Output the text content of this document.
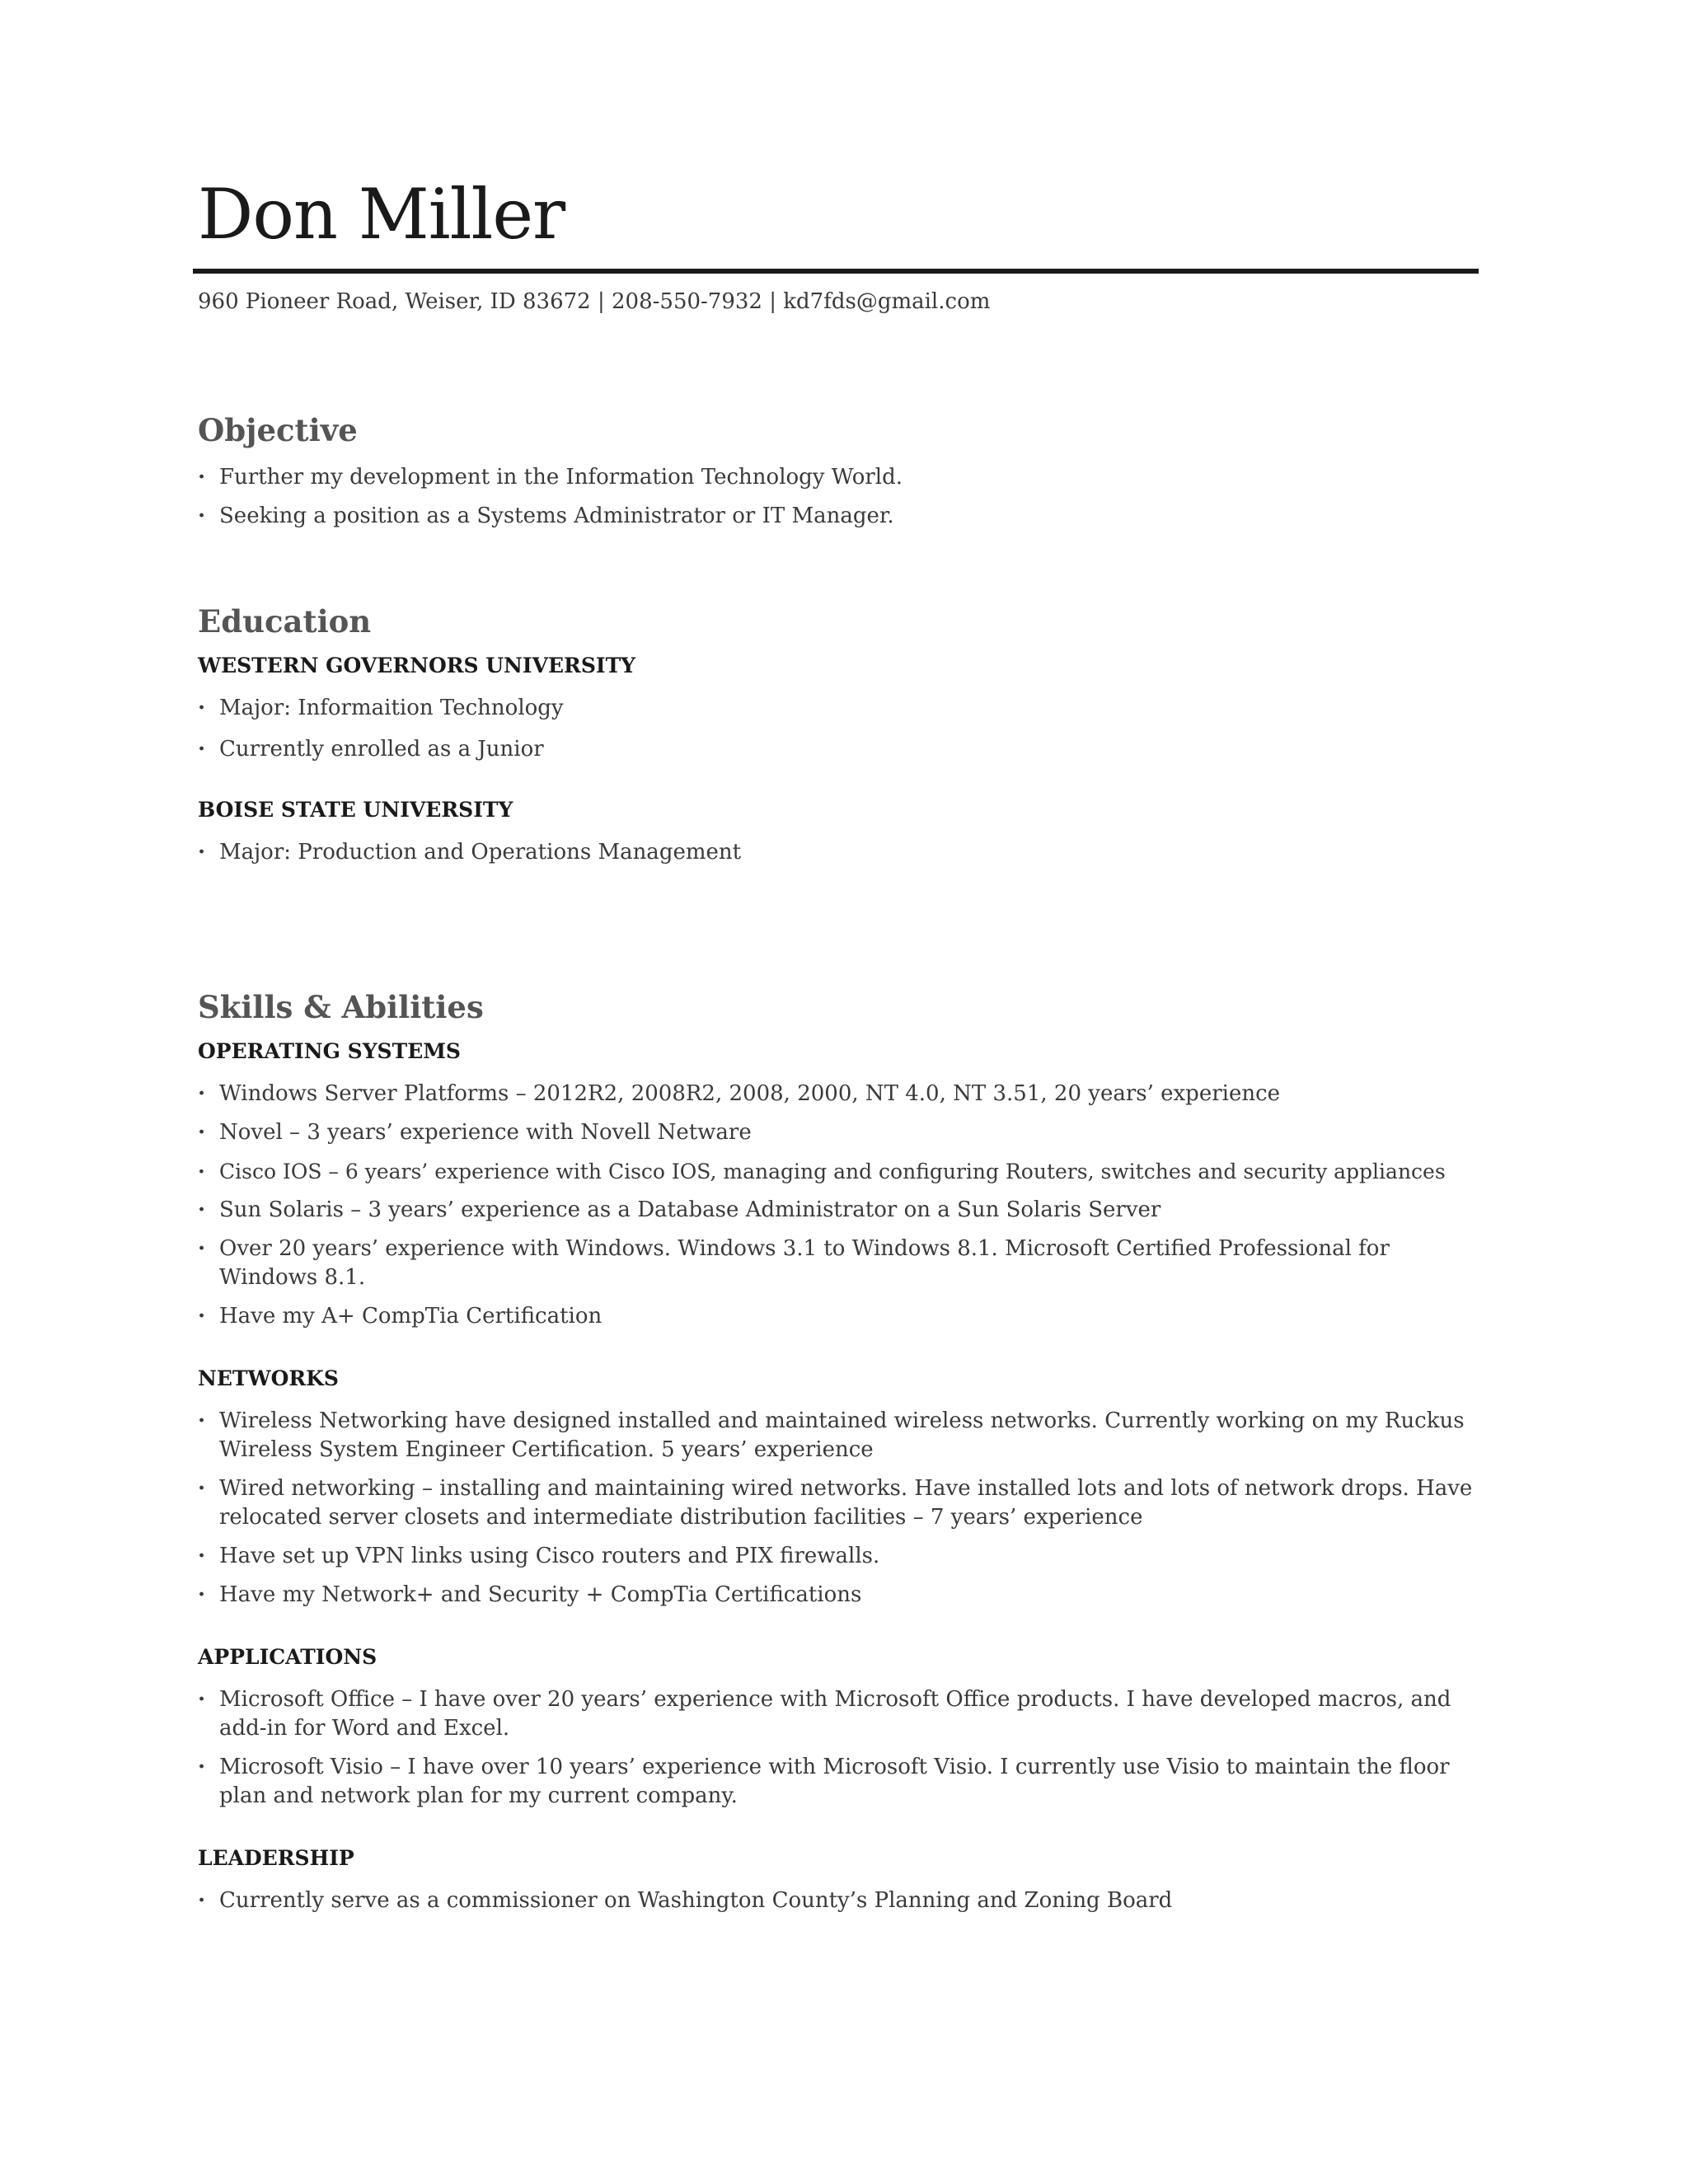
Don Miller
960 Pioneer Road, Weiser, ID 83672 | 208-550-7932 | kd7fds@gmail.com
Objective
· Further my development in the Information Technology World.
· Seeking a position as a Systems Administrator or IT Manager.
Education
WESTERN GOVERNORS UNIVERSITY
· Major: Informaition Technology
· Currently enrolled as a Junior
BOISE STATE UNIVERSITY
· Major: Production and Operations Management
Skills & Abilities
OPERATING SYSTEMS
· Windows Server Platforms – 2012R2, 2008R2, 2008, 2000, NT 4.0, NT 3.51, 20 years’ experience
· Novel – 3 years’ experience with Novell Netware
· Cisco IOS – 6 years’ experience with Cisco IOS, managing and configuring Routers, switches and security appliances
· Sun Solaris – 3 years’ experience as a Database Administrator on a Sun Solaris Server
· Over 20 years’ experience with Windows. Windows 3.1 to Windows 8.1. Microsoft Certified Professional for Windows 8.1.
· Have my A+ CompTia Certification
NETWORKS
· Wireless Networking have designed installed and maintained wireless networks. Currently working on my Ruckus Wireless System Engineer Certification. 5 years’ experience
· Wired networking – installing and maintaining wired networks. Have installed lots and lots of network drops. Have relocated server closets and intermediate distribution facilities – 7 years’ experience
· Have set up VPN links using Cisco routers and PIX firewalls.
· Have my Network+ and Security + CompTia Certifications
APPLICATIONS
· Microsoft Office – I have over 20 years’ experience with Microsoft Office products. I have developed macros, and add-in for Word and Excel.
· Microsoft Visio – I have over 10 years’ experience with Microsoft Visio. I currently use Visio to maintain the floor plan and network plan for my current company.
LEADERSHIP
· Currently serve as a commissioner on Washington County’s Planning and Zoning Board
